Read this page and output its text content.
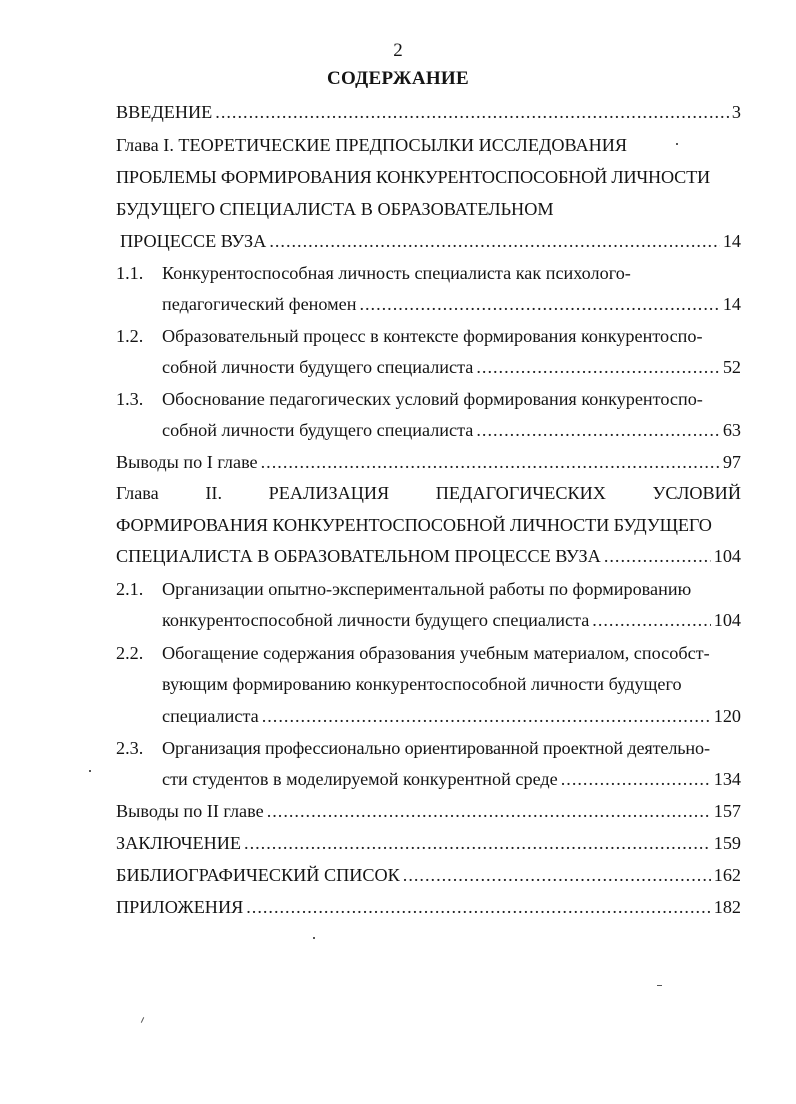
2
СОДЕРЖАНИЕ
ВВЕДЕНИЕ .....	3
Глава I. ТЕОРЕТИЧЕСКИЕ ПРЕДПОСЫЛКИ ИССЛЕДОВАНИЯ
ПРОБЛЕМЫ ФОРМИРОВАНИЯ КОНКУРЕНТОСПОСОБНОЙ ЛИЧНОСТИ
БУДУЩЕГО СПЕЦИАЛИСТА В ОБРАЗОВАТЕЛЬНОМ
ПРОЦЕССЕ ВУЗА .....	14
1.1. Конкурентоспособная личность специалиста как психолого-
педагогический феномен .....	14
1.2. Образовательный процесс в контексте формирования конкурентоспо-
собной личности будущего специалиста .....	52
1.3. Обоснование педагогических условий формирования конкурентоспо-
собной личности будущего специалиста .....	63
Выводы по I главе .....	97
Глава	II.	РЕАЛИЗАЦИЯ	ПЕДАГОГИЧЕСКИХ	УСЛОВИЙ
ФОРМИРОВАНИЯ КОНКУРЕНТОСПОСОБНОЙ ЛИЧНОСТИ БУДУЩЕГО
СПЕЦИАЛИСТА В ОБРАЗОВАТЕЛЬНОМ ПРОЦЕССЕ ВУЗА .....	104
2.1. Организации опытно-экспериментальной работы по формированию
конкурентоспособной личности будущего специалиста .....	104
2.2. Обогащение содержания образования учебным материалом, способст-
вующим формированию конкурентоспособной личности будущего
специалиста .....	120
2.3. Организация профессионально ориентированной проектной деятельно-
сти студентов в моделируемой конкурентной среде .....	134
Выводы по II главе .....	157
ЗАКЛЮЧЕНИЕ .....	159
БИБЛИОГРАФИЧЕСКИЙ СПИСОК .....	162
ПРИЛОЖЕНИЯ .....	182
